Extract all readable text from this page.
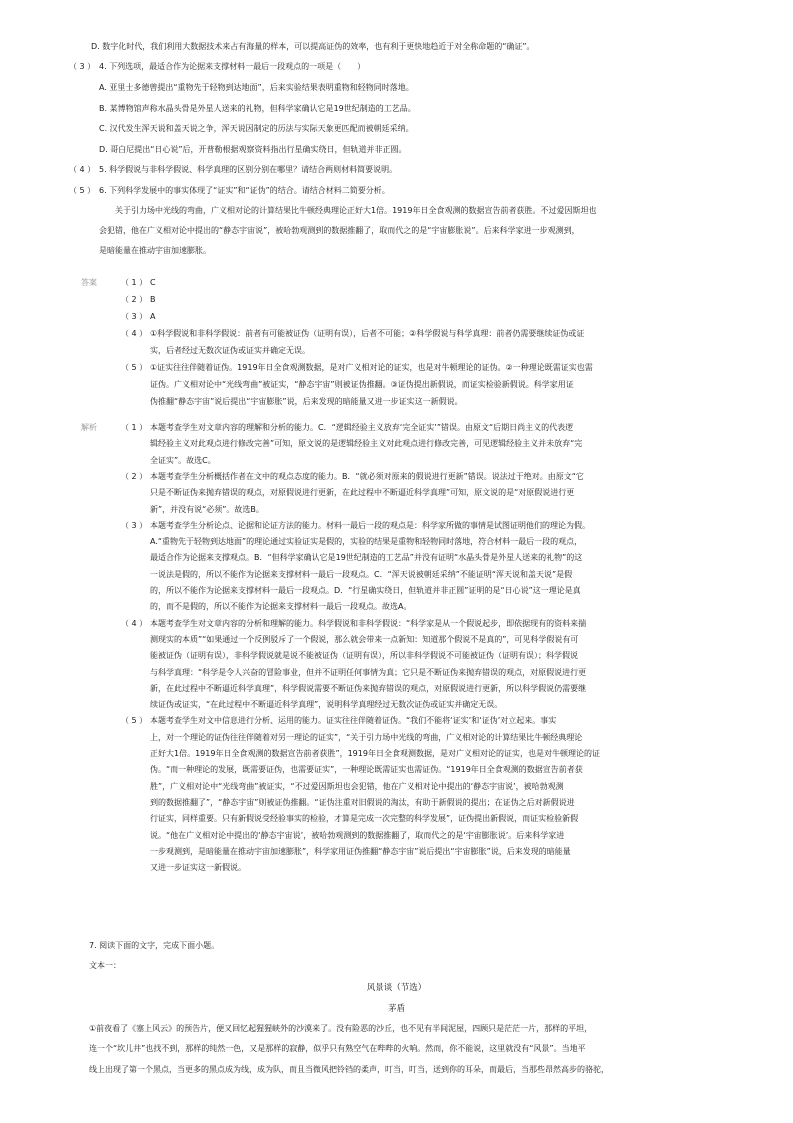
D. 数字化时代，我们利用大数据技术来占有海量的样本，可以提高证伪的效率，也有利于更快地趋近于对全称命题的“确证”。
（ 3 ） 4. 下列选项，最适合作为论据来支撑材料一最后一段观点的一项是（　　）
A. 亚里士多德曾提出“重物先于轻物到达地面”，后来实验结果表明重物和轻物同时落地。
B. 某博物馆声称水晶头骨是外星人送来的礼物，但科学家确认它是19世纪制造的工艺品。
C. 汉代发生浑天说和盖天说之争，浑天说因制定的历法与实际天象更匹配而被朝廷采纳。
D. 哥白尼提出“日心说”后，开普勒根据观察资料指出行星确实绕日，但轨道并非正圆。
（ 4 ） 5. 科学假说与非科学假说、科学真理的区别分别在哪里？请结合两则材料简要说明。
（ 5 ） 6. 下列科学发展中的事实体现了“证实”和“证伪”的结合。请结合材料二简要分析。
关于引力场中光线的弯曲，广义相对论的计算结果比牛顿经典理论正好大1倍。1919年日全食观测的数据宣告前者获胜。不过爱因斯坦也
会犯错，他在广义相对论中提出的“静态宇宙说”，被哈勃观测到的数据推翻了，取而代之的是“宇宙膨胀说”。后来科学家进一步观测到，
是暗能量在推动宇宙加速膨胀。
答案	（ 1 ） C
（ 2 ） B
（ 3 ） A
（ 4 ） ①科学假说和非科学假说：前者有可能被证伪（证明有误），后者不可能；②科学假说与科学真理：前者仍需要继续证伪或证
实，后者经过无数次证伪或证实并确定无误。
（ 5 ） ①证实往往伴随着证伪。1919年日全食观测数据，是对广义相对论的证实，也是对牛顿理论的证伪。②一种理论既需证实也需
证伪。广义相对论中“光线弯曲”被证实，“静态宇宙”则被证伪推翻。③证伪提出新假说，而证实检验新假说。科学家用证
伪推翻“静态宇宙”说后提出“宇宙膨胀”说，后来发现的暗能量又进一步证实这一新假说。
解析	（ 1 ） 本题考查学生对文章内容的理解和分析的能力。C．“逻辑经验主义放弃‘完全证实’”错误。由原文“后期日尚主义的代表逻
辑经验主义对此观点进行修改完善”可知，原文说的是逻辑经验主义对此观点进行修改完善，可见逻辑经验主义并未放弃“完
全证实”。故选C。
（ 2 ） 本题考查学生分析概括作者在文中的观点态度的能力。B．“就必须对原来的假说进行更新”错误。说法过于绝对。由原文“它
只是不断证伪来抛弃错误的观点，对原假说进行更新，在此过程中不断逼近科学真理”可知，原文说的是“对原假说进行更
新”，并没有说“必须”。故选B。
（ 3 ） 本题考查学生分析论点、论据和论证方法的能力。材料一最后一段的观点是：科学家所做的事情是试图证明他们的理论为假。
A.“重物先于轻物到达地面”的理论通过实验证实是假的，实验的结果是重物和轻物同时落地，符合材料一最后一段的观点，
最适合作为论据来支撑观点。B．“但科学家确认它是19世纪制造的工艺品”并没有证明“水晶头骨是外星人送来的礼物”的这
一说法是假的，所以不能作为论据来支撑材料一最后一段观点。C．“浑天说被朝廷采纳”不能证明“浑天说和盖天说”是假
的，所以不能作为论据来支撑材料一最后一段观点。D．“行星确实绕日，但轨道并非正圆”证明的是“日心说”这一理论是真
的，而不是假的，所以不能作为论据来支撑材料一最后一段观点。故选A。
（ 4 ） 本题考查学生对文章内容的分析和理解的能力。科学假说和非科学假说：“科学家是从一个假说起步，即依据现有的资料来揣
测现实的本质”“如果通过一个反例驳斥了一个假说，那么就会带来一点新知：知道那个假说不是真的”，可见科学假说有可
能被证伪（证明有误），非科学假说就是说不能被证伪（证明有误），所以非科学假说不可能被证伪（证明有误）；科学假说
与科学真理：“科学是令人兴奋的冒险事业，但并不证明任何事情为真；它只是不断证伪来抛弃错误的观点，对原假说进行更
新，在此过程中不断逼近科学真理”，科学假说需要不断证伪来抛弃错误的观点，对原假说进行更新，所以科学假说仍需要继
续证伪或证实，“在此过程中不断逼近科学真理”，说明科学真理经过无数次证伪或证实并确定无误。
（ 5 ） 本题考查学生对文中信息进行分析、运用的能力。证实往往伴随着证伪。“我们不能将‘证实’和‘证伪’对立起来。事实
上，对一个理论的证伪往往伴随着对另一理论的证实”，“关于引力场中光线的弯曲，广义相对论的计算结果比牛顿经典理论
正好大1倍。1919年日全食观测的数据宣告前者获胜”，1919年日全食观测数据，是对广义相对论的证实，也是对牛顿理论的证
伪。“而一种理论的发展，既需要证伪，也需要证实”，一种理论既需证实也需证伪。“1919年日全食观测的数据宣告前者获
胜”，广义相对论中“光线弯曲”被证实，“不过爱因斯坦也会犯错，他在广义相对论中提出的‘静态宇宙说’，被哈勃观测
到的数据推翻了”，“静态宇宙”则被证伪推翻。“证伪注重对旧假说的淘汰，有助于新假说的提出；在证伪之后对新假说进
行证实，同样重要。只有新假说受经验事实的检验，才算是完成一次完整的科学发展”，证伪提出新假说，而证实检验新假
说。“他在广义相对论中提出的‘静态宇宙说’，被哈勃观测到的数据推翻了，取而代之的是‘宇宙膨胀说’。后来科学家进
一步观测到，是暗能量在推动宇宙加速膨胀”，科学家用证伪推翻“静态宇宙”说后提出“宇宙膨胀”说，后来发现的暗能量
又进一步证实这一新假说。
7. 阅读下面的文字，完成下面小题。
文本一：
风景谈（节选）
茅盾
①前夜看了《塞上风云》的预告片，便又回忆起猩猩峡外的沙漠来了。没有险恶的沙丘，也不见有半间泥屋，四顾只是茫茫一片，那样的平坦，
连一个“坎儿井”也找不到，那样的纯然一色，又是那样的寂静，似乎只有熟空气在哔哔的火响。然而，你不能说，这里就没有“风景”。当地平
线上出现了第一个黑点，当更多的黑点成为线，成为队，而且当微风把铃铛的柔声，叮当，叮当，送到你的耳朵，而最后，当那些昂然高步的骆驼，
